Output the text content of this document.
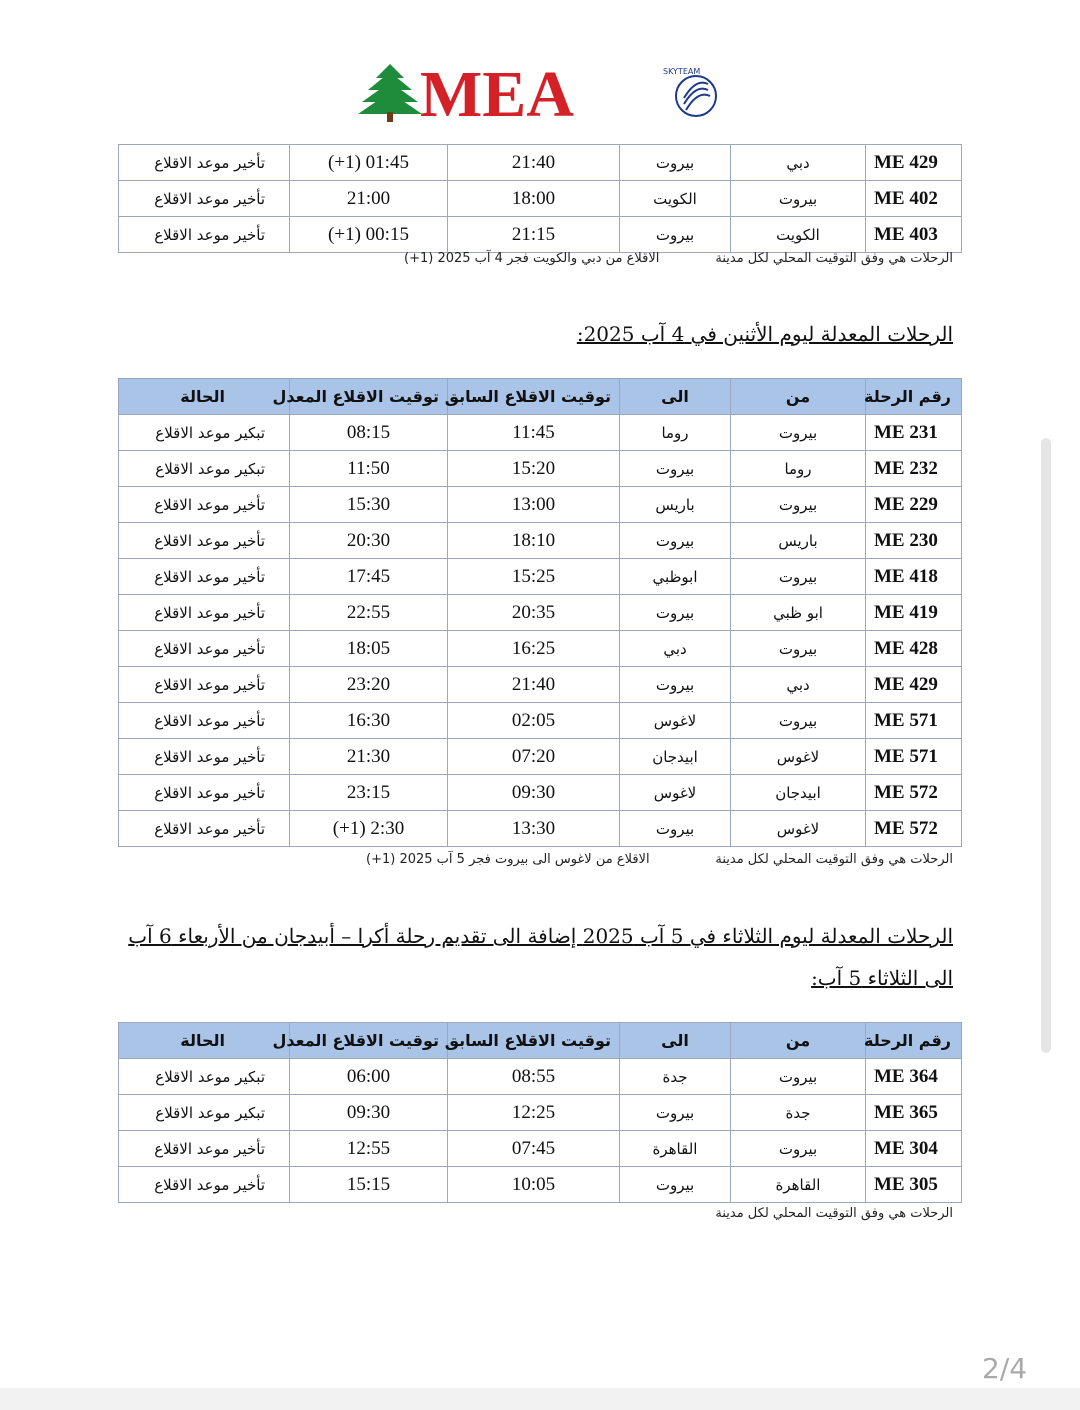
MEA	SKYTEAM
ME 429	دبي	بيروت	21:40	(+1) 01:45	تأخير موعد الاقلاع
ME 402	بيروت	الكويت	18:00	21:00	تأخير موعد الاقلاع
ME 403	الكويت	بيروت	21:15	(+1) 00:15	تأخير موعد الاقلاع
الرحلات هي وفق التوقيت المحلي لكل مدينة
(+1) الاقلاع من دبي والكويت فجر 4 آب 2025
الرحلات المعدلة ليوم الأثنين في 4 آب 2025:
رقم الرحلة	من	الى	توقيت الاقلاع السابق	توقيت الاقلاع المعدل	الحالة
ME 231	بيروت	روما	11:45	08:15	تبكير موعد الاقلاع
ME 232	روما	بيروت	15:20	11:50	تبكير موعد الاقلاع
ME 229	بيروت	باريس	13:00	15:30	تأخير موعد الاقلاع
ME 230	باريس	بيروت	18:10	20:30	تأخير موعد الاقلاع
ME 418	بيروت	ابوظبي	15:25	17:45	تأخير موعد الاقلاع
ME 419	ابو ظبي	بيروت	20:35	22:55	تأخير موعد الاقلاع
ME 428	بيروت	دبي	16:25	18:05	تأخير موعد الاقلاع
ME 429	دبي	بيروت	21:40	23:20	تأخير موعد الاقلاع
ME 571	بيروت	لاغوس	02:05	16:30	تأخير موعد الاقلاع
ME 571	لاغوس	ابيدجان	07:20	21:30	تأخير موعد الاقلاع
ME 572	ابيدجان	لاغوس	09:30	23:15	تأخير موعد الاقلاع
ME 572	لاغوس	بيروت	13:30	(+1) 2:30	تأخير موعد الاقلاع
الرحلات هي وفق التوقيت المحلي لكل مدينة
(+1) الاقلاع من لاغوس الى بيروت فجر 5 آب 2025
الرحلات المعدلة ليوم الثلاثاء في 5 آب 2025 إضافة الى تقديم رحلة أكرا – أبيدجان من الأربعاء 6 آب
الى الثلاثاء 5 آب:
رقم الرحلة	من	الى	توقيت الاقلاع السابق	توقيت الاقلاع المعدل	الحالة
ME 364	بيروت	جدة	08:55	06:00	تبكير موعد الاقلاع
ME 365	جدة	بيروت	12:25	09:30	تبكير موعد الاقلاع
ME 304	بيروت	القاهرة	07:45	12:55	تأخير موعد الاقلاع
ME 305	القاهرة	بيروت	10:05	15:15	تأخير موعد الاقلاع
الرحلات هي وفق التوقيت المحلي لكل مدينة
2/4
